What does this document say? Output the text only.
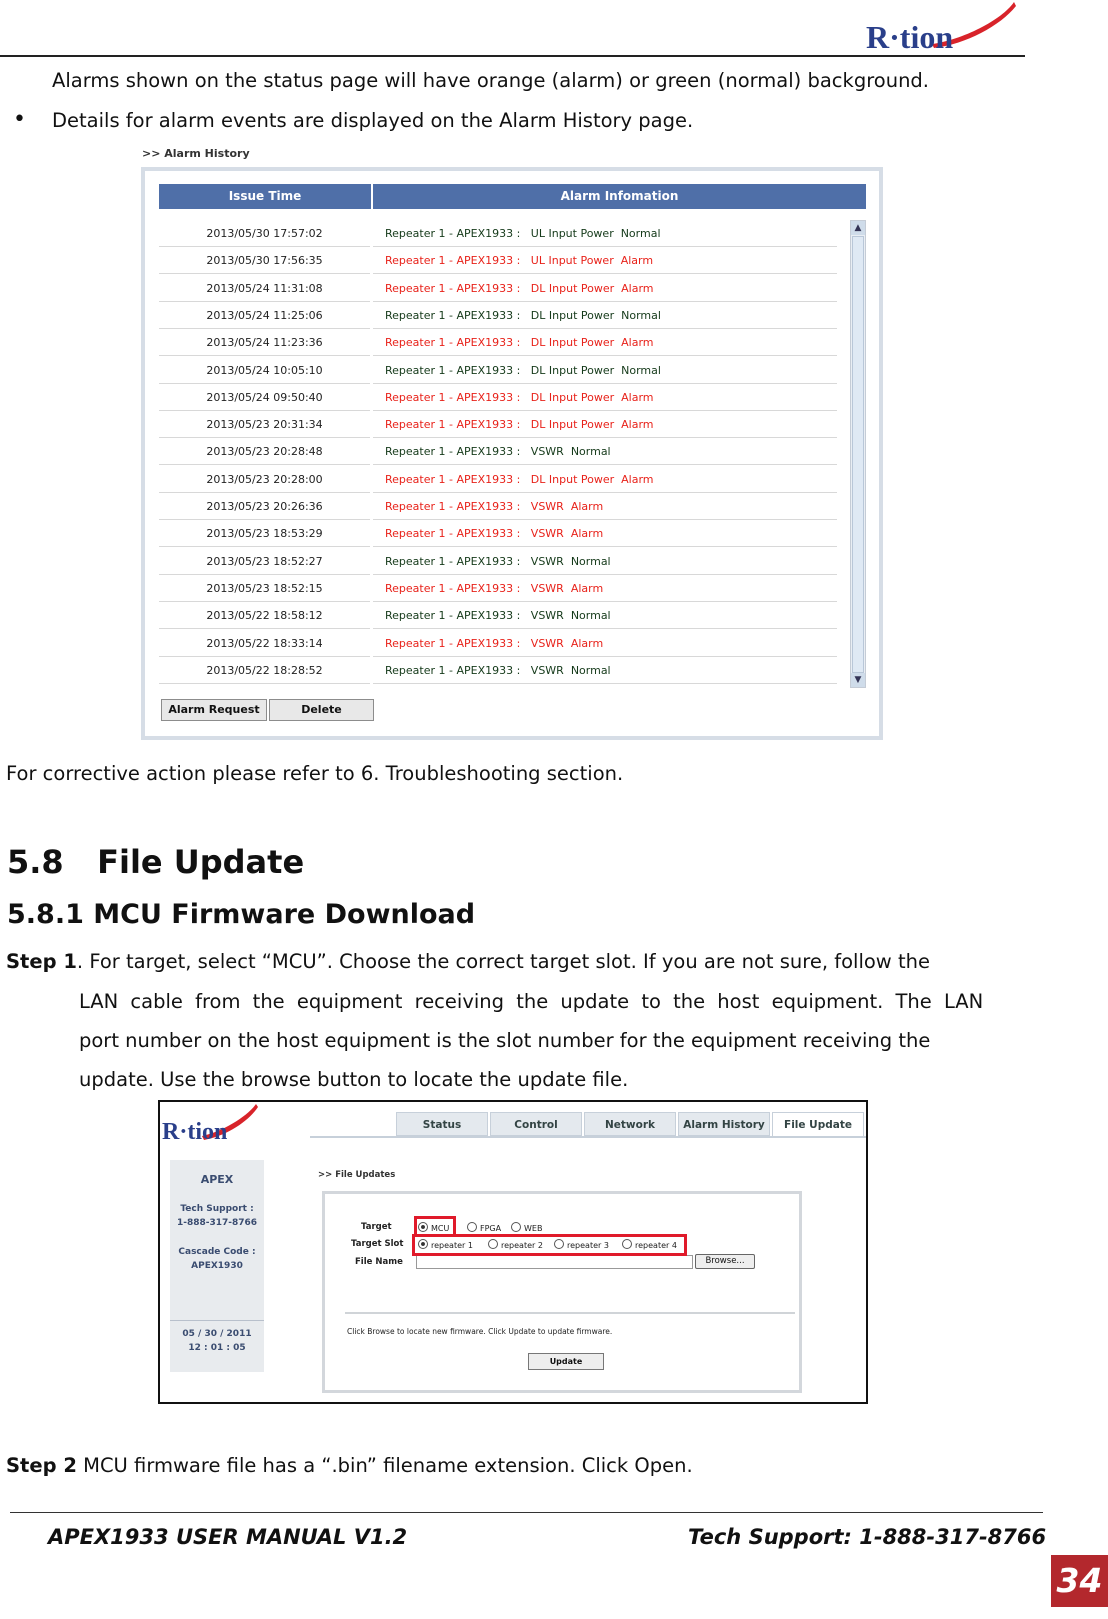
R·tion
Alarms shown on the status page will have orange (alarm) or green (normal) background.
• Details for alarm events are displayed on the Alarm History page.
>> Alarm History
Issue Time	Alarm Infomation
2013/05/30 17:57:02	Repeater 1 - APEX1933 :   UL Input Power  Normal
2013/05/30 17:56:35	Repeater 1 - APEX1933 :   UL Input Power  Alarm
2013/05/24 11:31:08	Repeater 1 - APEX1933 :   DL Input Power  Alarm
2013/05/24 11:25:06	Repeater 1 - APEX1933 :   DL Input Power  Normal
2013/05/24 11:23:36	Repeater 1 - APEX1933 :   DL Input Power  Alarm
2013/05/24 10:05:10	Repeater 1 - APEX1933 :   DL Input Power  Normal
2013/05/24 09:50:40	Repeater 1 - APEX1933 :   DL Input Power  Alarm
2013/05/23 20:31:34	Repeater 1 - APEX1933 :   DL Input Power  Alarm
2013/05/23 20:28:48	Repeater 1 - APEX1933 :   VSWR  Normal
2013/05/23 20:28:00	Repeater 1 - APEX1933 :   DL Input Power  Alarm
2013/05/23 20:26:36	Repeater 1 - APEX1933 :   VSWR  Alarm
2013/05/23 18:53:29	Repeater 1 - APEX1933 :   VSWR  Alarm
2013/05/23 18:52:27	Repeater 1 - APEX1933 :   VSWR  Normal
2013/05/23 18:52:15	Repeater 1 - APEX1933 :   VSWR  Alarm
2013/05/22 18:58:12	Repeater 1 - APEX1933 :   VSWR  Normal
2013/05/22 18:33:14	Repeater 1 - APEX1933 :   VSWR  Alarm
2013/05/22 18:28:52	Repeater 1 - APEX1933 :   VSWR  Normal
▲
▼
Alarm Request	Delete
For corrective action please refer to 6. Troubleshooting section.
5.8   File Update
5.8.1 MCU Firmware Download
Step 1. For target, select “MCU”. Choose the correct target slot. If you are not sure, follow the
LAN cable from the equipment receiving the update to the host equipment. The LAN
port number on the host equipment is the slot number for the equipment receiving the
update. Use the browse button to locate the update file.
R·tion	Status	Control	Network	Alarm History	File Update
APEX
Tech Support :
1-888-317-8766
Cascade Code :
APEX1930
05 / 30 / 2011
12 : 01 : 05
>> File Updates
Target	MCU	FPGA	WEB
Target Slot	repeater 1	repeater 2	repeater 3	repeater 4
File Name	Browse...
Click Browse to locate new firmware. Click Update to update firmware.
Update
Step 2 MCU firmware file has a “.bin” filename extension. Click Open.
APEX1933 USER MANUAL V1.2	Tech Support: 1-888-317-8766
34
